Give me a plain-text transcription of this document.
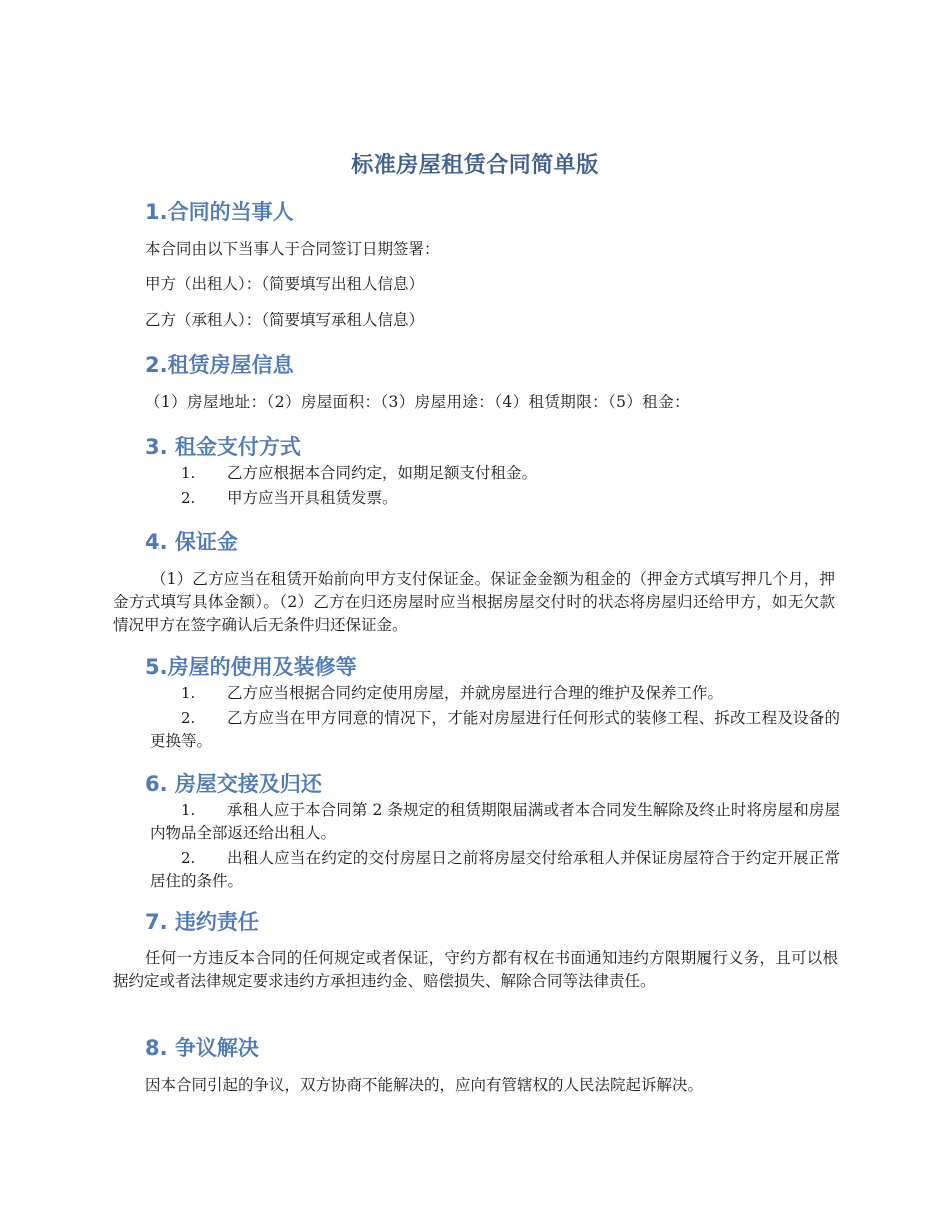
标准房屋租赁合同简单版
1.合同的当事人
本合同由以下当事人于合同签订日期签署：
甲方（出租人）：（简要填写出租人信息）
乙方（承租人）：（简要填写承租人信息）
2.租赁房屋信息
（1）房屋地址：（2）房屋面积：（3）房屋用途：（4）租赁期限：（5）租金：
3. 租金支付方式
1. 乙方应根据本合同约定，如期足额支付租金。
2. 甲方应当开具租赁发票。
4. 保证金
（1）乙方应当在租赁开始前向甲方支付保证金。保证金金额为租金的（押金方式填写押几个月，押金方式填写具体金额）。（2）乙方在归还房屋时应当根据房屋交付时的状态将房屋归还给甲方，如无欠款情况甲方在签字确认后无条件归还保证金。
5.房屋的使用及装修等
1. 乙方应当根据合同约定使用房屋，并就房屋进行合理的维护及保养工作。
乙方应当在甲方同意的情况下，才能对房屋进行任何形式的装修工程、拆改工程及设备的更换等。
2.
6. 房屋交接及归还
承租人应于本合同第 2 条规定的租赁期限届满或者本合同发生解除及终止时将房屋和房屋内物品全部返还给出租人。
1.
出租人应当在约定的交付房屋日之前将房屋交付给承租人并保证房屋符合于约定开展正常居住的条件。
2.
7. 违约责任
任何一方违反本合同的任何规定或者保证，守约方都有权在书面通知违约方限期履行义务，且可以根据约定或者法律规定要求违约方承担违约金、赔偿损失、解除合同等法律责任。
8. 争议解决
因本合同引起的争议，双方协商不能解决的，应向有管辖权的人民法院起诉解决。
